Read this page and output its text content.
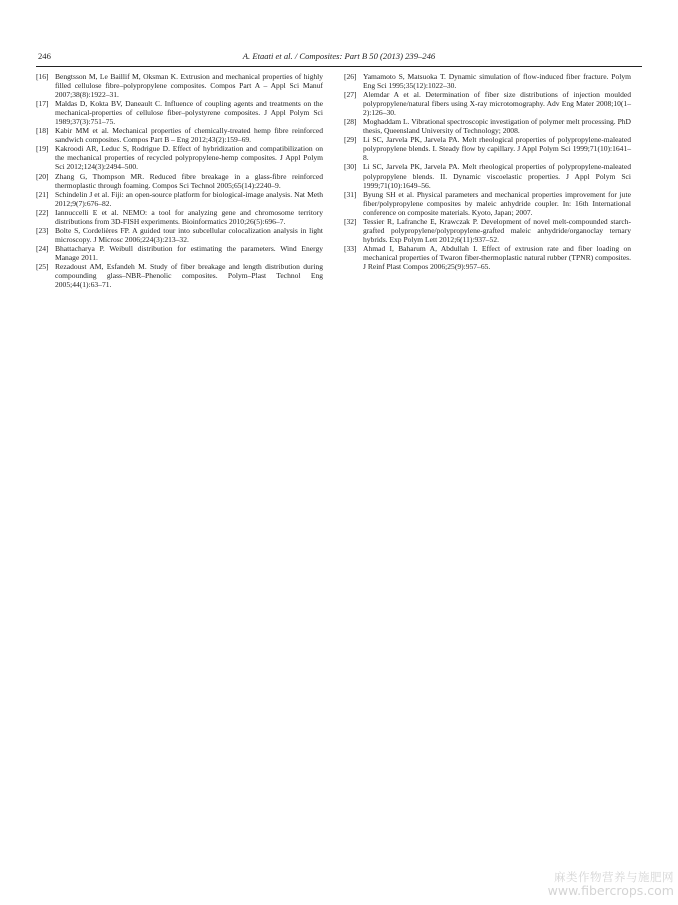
246	A. Etaati et al. / Composites: Part B 50 (2013) 239–246
[16] Bengtsson M, Le Baillif M, Oksman K. Extrusion and mechanical properties of highly filled cellulose fibre–polypropylene composites. Compos Part A – Appl Sci Manuf 2007;38(8):1922–31.
[17] Maldas D, Kokta BV, Daneault C. Influence of coupling agents and treatments on the mechanical-properties of cellulose fiber–polystyrene composites. J Appl Polym Sci 1989;37(3):751–75.
[18] Kabir MM et al. Mechanical properties of chemically-treated hemp fibre reinforced sandwich composites. Compos Part B – Eng 2012;43(2):159–69.
[19] Kakroodi AR, Leduc S, Rodrigue D. Effect of hybridization and compatibilization on the mechanical properties of recycled polypropylene-hemp composites. J Appl Polym Sci 2012;124(3):2494–500.
[20] Zhang G, Thompson MR. Reduced fibre breakage in a glass-fibre reinforced thermoplastic through foaming. Compos Sci Technol 2005;65(14):2240–9.
[21] Schindelin J et al. Fiji: an open-source platform for biological-image analysis. Nat Meth 2012;9(7):676–82.
[22] Iannuccelli E et al. NEMO: a tool for analyzing gene and chromosome territory distributions from 3D-FISH experiments. Bioinformatics 2010;26(5):696–7.
[23] Bolte S, Cordelières FP. A guided tour into subcellular colocalization analysis in light microscopy. J Microsc 2006;224(3):213–32.
[24] Bhattacharya P. Weibull distribution for estimating the parameters. Wind Energy Manage 2011.
[25] Rezadoust AM, Esfandeh M. Study of fiber breakage and length distribution during compounding glass–NBR–Phenolic composites. Polym–Plast Technol Eng 2005;44(1):63–71.
[26] Yamamoto S, Matsuoka T. Dynamic simulation of flow-induced fiber fracture. Polym Eng Sci 1995;35(12):1022–30.
[27] Alemdar A et al. Determination of fiber size distributions of injection moulded polypropylene/natural fibers using X-ray microtomography. Adv Eng Mater 2008;10(1–2):126–30.
[28] Moghaddam L. Vibrational spectroscopic investigation of polymer melt processing. PhD thesis, Queensland University of Technology; 2008.
[29] Li SC, Jarvela PK, Jarvela PA. Melt rheological properties of polypropylene-maleated polypropylene blends. I. Steady flow by capillary. J Appl Polym Sci 1999;71(10):1641–8.
[30] Li SC, Jarvela PK, Jarvela PA. Melt rheological properties of polypropylene-maleated polypropylene blends. II. Dynamic viscoelastic properties. J Appl Polym Sci 1999;71(10):1649–56.
[31] Byung SH et al. Physical parameters and mechanical properties improvement for jute fiber/polypropylene composites by maleic anhydride coupler. In: 16th International conference on composite materials. Kyoto, Japan; 2007.
[32] Tessier R, Lafranche E, Krawczak P. Development of novel melt-compounded starch-grafted polypropylene/polypropylene-grafted maleic anhydride/organoclay ternary hybrids. Exp Polym Lett 2012;6(11):937–52.
[33] Ahmad I, Baharum A, Abdullah I. Effect of extrusion rate and fiber loading on mechanical properties of Twaron fiber-thermoplastic natural rubber (TPNR) composites. J Reinf Plast Compos 2006;25(9):957–65.
麻类作物营养与施肥网
www.fibercrops.com
